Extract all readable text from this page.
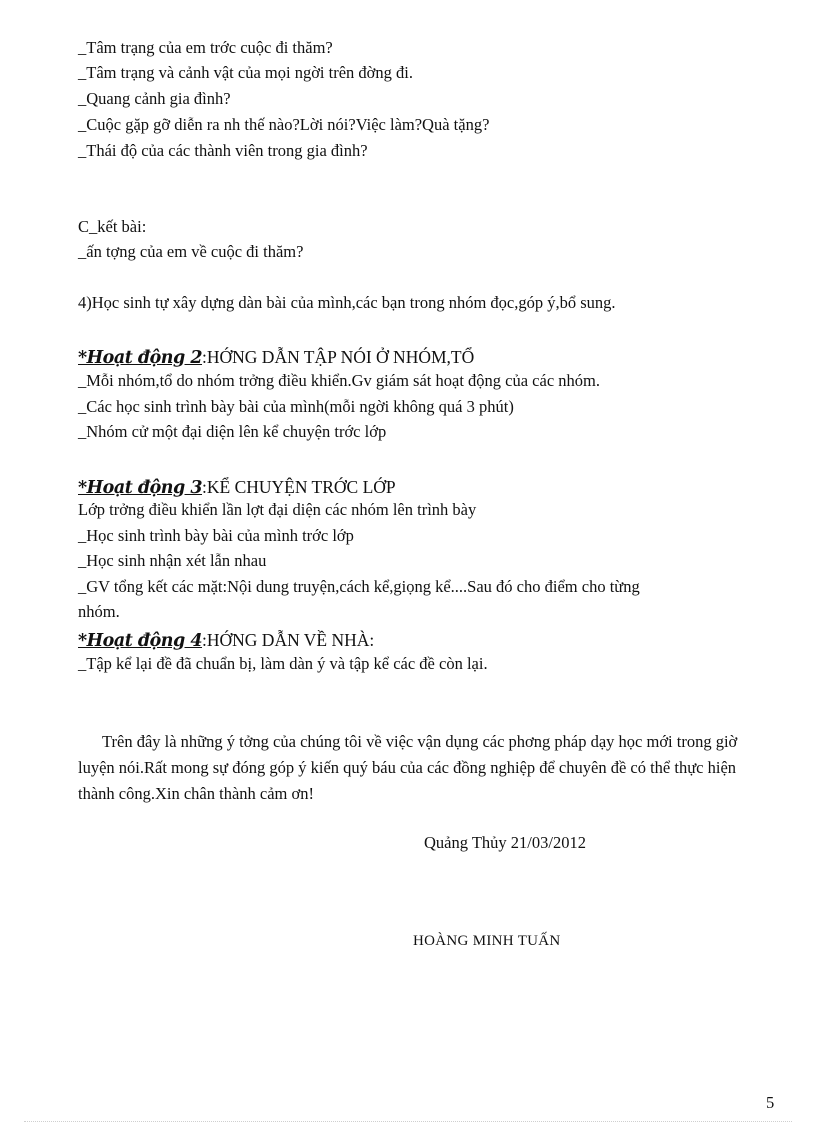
_Tâm trạng của em trớc cuộc đi thăm?
_Tâm trạng và cảnh vật của mọi ngời trên đờng đi.
_Quang cảnh gia đình?
_Cuộc gặp gỡ diễn ra nh thế nào?Lời nói?Việc làm?Quà tặng?
_Thái độ của các thành viên trong gia đình?
C_kết bài:
_ấn tợng của em về cuộc đi thăm?
4)Học sinh tự xây dựng dàn bài của mình,các bạn trong nhóm đọc,góp ý,bổ sung.
*Hoạt động 2:HỚNG DẪN TẬP NÓI Ở NHÓM,TỔ
_Mỗi nhóm,tổ do nhóm trởng điều khiển.Gv giám sát hoạt động của các nhóm.
_Các học sinh trình bày bài của mình(mỗi ngời không quá 3 phút)
_Nhóm cử một đại diện lên kể chuyện trớc lớp
*Hoạt động 3:KỂ CHUYỆN TRỚC LỚP
Lớp trởng điều khiển lần lợt đại diện các nhóm lên trình bày
_Học sinh trình bày bài của mình trớc lớp
_Học sinh nhận xét lẫn nhau
_GV tổng kết các mặt:Nội dung truyện,cách kể,giọng kể....Sau đó cho điểm cho từng
nhóm.
*Hoạt động 4:HỚNG DẪN VỀ NHÀ:
_Tập kể lại đề đã chuẩn bị, làm dàn ý và tập kể các đề còn lại.
Trên đây là những ý tởng của chúng tôi về việc vận dụng các phơng pháp dạy học mới trong giờ luyện nói.Rất mong sự đóng góp ý kiến quý báu của các đồng nghiệp để chuyên đề có thể thực hiện thành công.Xin chân thành cảm ơn!
Quảng Thủy 21/03/2012
HOÀNG MINH TUẤN
5
